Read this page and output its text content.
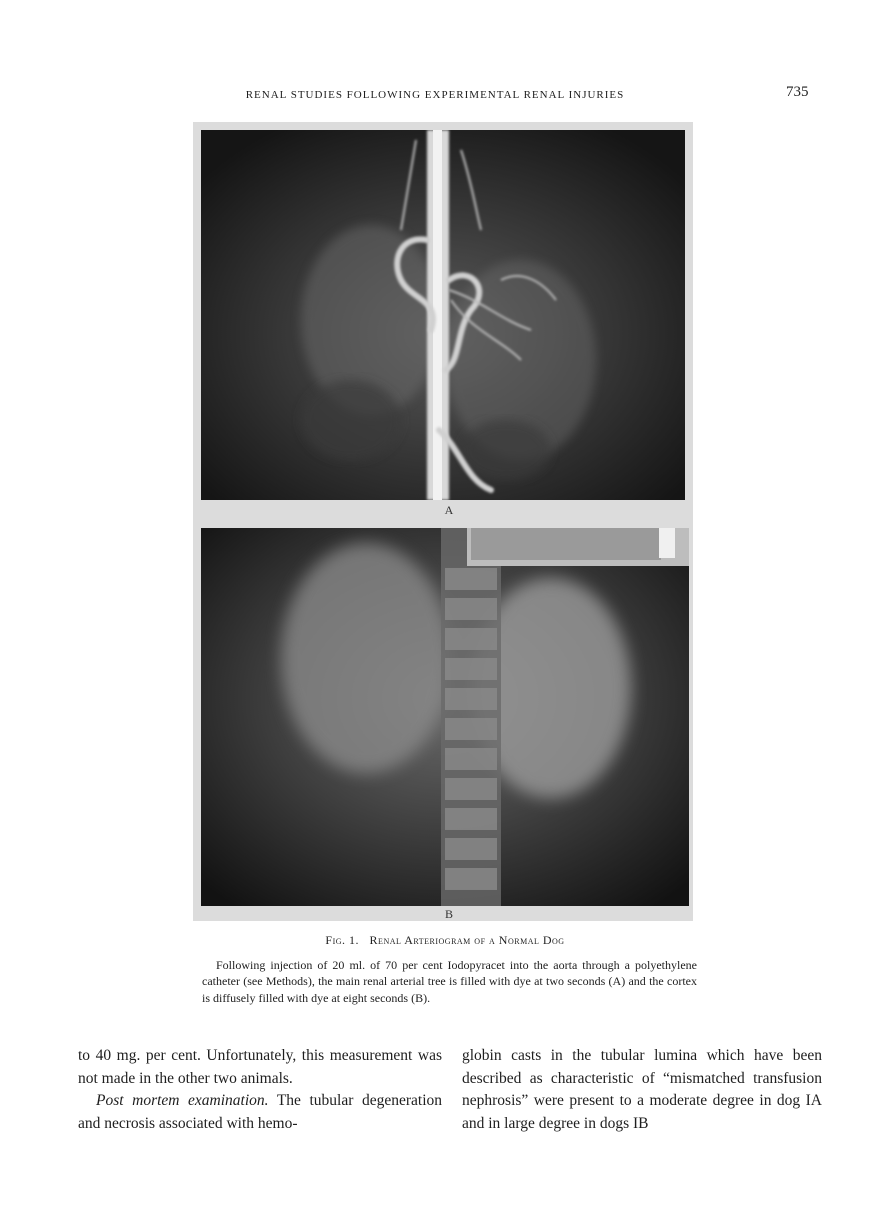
RENAL STUDIES FOLLOWING EXPERIMENTAL RENAL INJURIES	735
A
B
Fig. 1. Renal Arteriogram of a Normal Dog

Following injection of 20 ml. of 70 per cent Iodopyracet into the aorta through a polyethylene catheter (see Methods), the main renal arterial tree is filled with dye at two seconds (A) and the cortex is diffusely filled with dye at eight seconds (B).

to 40 mg. per cent. Unfortunately, this measurement was not made in the other two animals.

Post mortem examination. The tubular degeneration and necrosis associated with hemo-

globin casts in the tubular lumina which have been described as characteristic of “mismatched transfusion nephrosis” were present to a moderate degree in dog IA and in large degree in dogs IB
